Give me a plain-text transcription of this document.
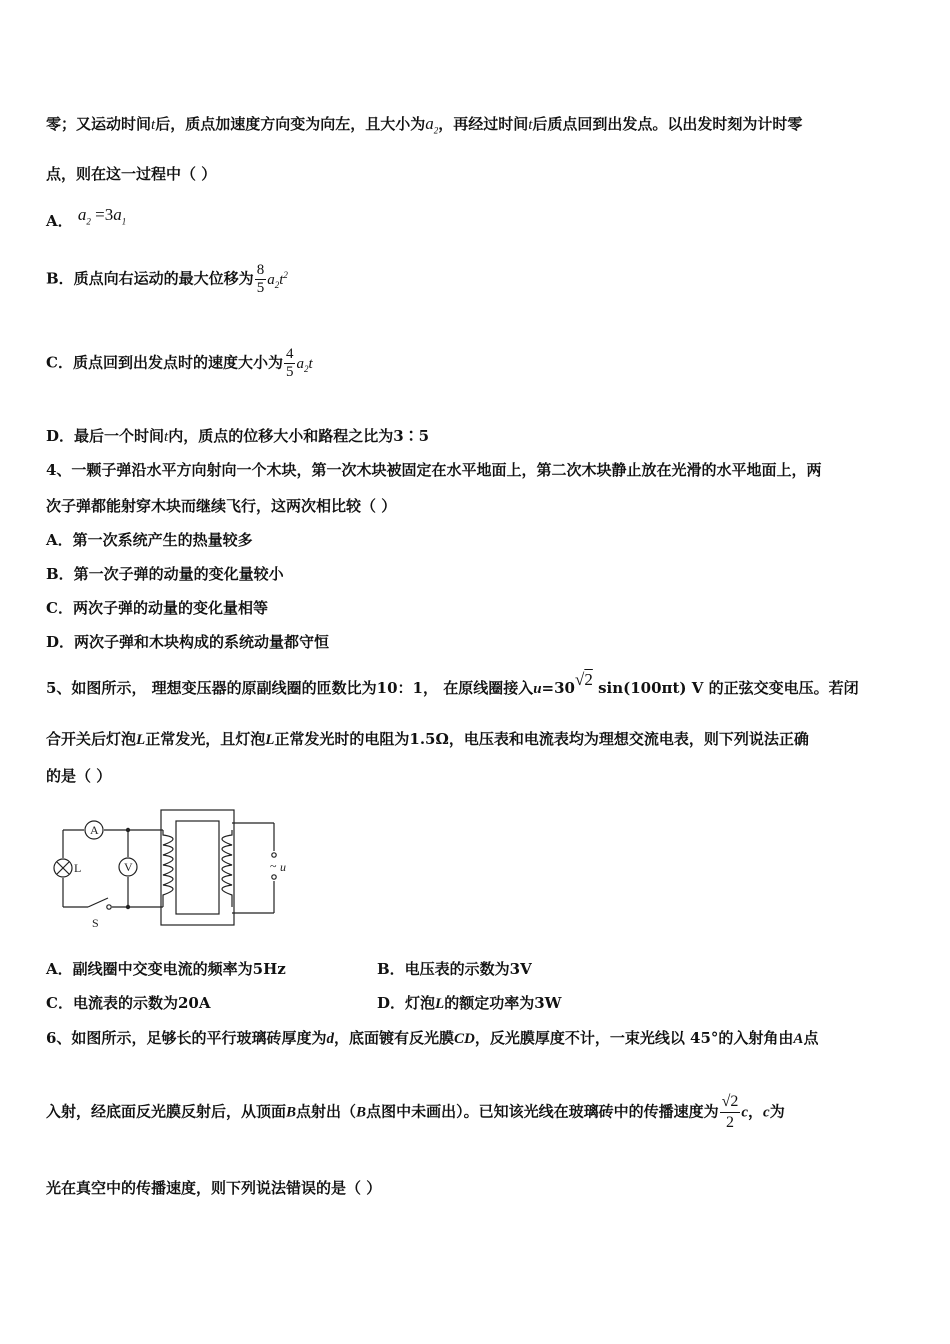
零；又运动时间t后，质点加速度方向变为向左，且大小为$a_2$，再经过时间t后质点回到出发点。以出发时刻为计时零
点，则在这一过程中（ ）
A． $a_2 =3a_1$
B．质点向右运动的最大位移为 $\frac{8}{5} a_2t^2$
C．质点回到出发点时的速度大小为 $\frac{4}{5} a_2t$
D．最后一个时间t内，质点的位移大小和路程之比为3∶5
4、一颗子弹沿水平方向射向一个木块，第一次木块被固定在水平地面上，第二次木块静止放在光滑的水平地面上，两
次子弹都能射穿木块而继续飞行，这两次相比较（ ）
A．第一次系统产生的热量较多
B．第一次子弹的动量的变化量较小
C．两次子弹的动量的变化量相等
D．两次子弹和木块构成的系统动量都守恒
5、如图所示， 理想变压器的原副线圈的匝数比为10：1， 在原线圈接入u=30√2 sin(100πt) V 的正弦交变电压。若闭
合开关后灯泡L正常发光，且灯泡L正常发光时的电阻为1.5Ω，电压表和电流表均为理想交流电表，则下列说法正确
的是（ ）
A
V
L
S
~ u
A．副线圈中交变电流的频率为5Hz	B．电压表的示数为3V
C．电流表的示数为20A	D．灯泡L的额定功率为3W
6、如图所示，足够长的平行玻璃砖厚度为d，底面镀有反光膜CD，反光膜厚度不计，一束光线以 45°的入射角由A点
入射，经底面反光膜反射后，从顶面B点射出（B点图中未画出）。已知该光线在玻璃砖中的传播速度为 $\frac{√2}{2}$ c，c为
光在真空中的传播速度，则下列说法错误的是（ ）
